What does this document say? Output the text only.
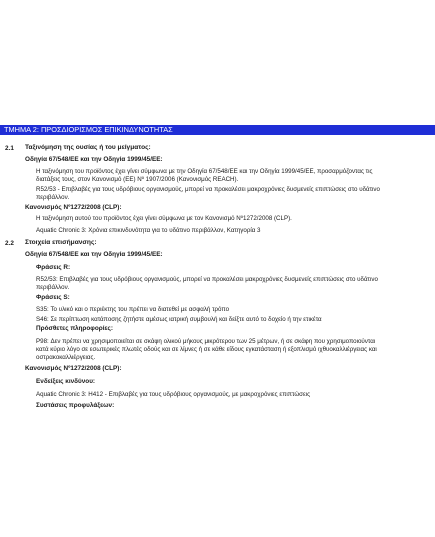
ΤΜΗΜΑ 2: ΠΡΟΣΔΙΟΡΙΣΜΟΣ ΕΠΙΚΙΝΔΥΝΟΤΗΤΑΣ
2.1 Ταξινόμηση της ουσίας ή του μείγματος:
Οδηγία 67/548/ΕΕ και την Οδηγία 1999/45/ΕΕ:
Η ταξινόμηση του προϊόντος έχει γίνει σύμφωνα με την Οδηγία 67/548/ΕΕ και την Οδηγία 1999/45/ΕΕ, προσαρμόζοντας τις
διατάξεις τους, στον Κανονισμό (ΕΕ) Nº 1907/2006 (Κανονισμός REACH).
R52/53 - Επιβλαβές για τους υδρόβιους οργανισμούς, μπορεί να προκαλέσει μακροχρόνιες δυσμενείς επιπτώσεις στο υδάτινο
περιβάλλον.
Κανονισμός Nº1272/2008 (CLP):
Η ταξινόμηση αυτού του προϊόντος έχει γίνει σύμφωνα με τον Κανονισμό Nº1272/2008 (CLP).
Aquatic Chronic 3: Χρόνια επικινδυνότητα για το υδάτινο περιβάλλον, Κατηγορία 3
2.2 Στοιχεία επισήμανσης:
Οδηγία 67/548/ΕΕ και την Οδηγία 1999/45/ΕΕ:
Φράσεις R:
R52/53: Επιβλαβές για τους υδρόβιους οργανισμούς, μπορεί να προκαλέσει μακροχρόνιες δυσμενείς επιπτώσεις στο υδάτινο
περιβάλλον.
Φράσεις S:
S35: Το υλικό και ο περιέκτης του πρέπει να διατεθεί με ασφαλή τρόπο
S46: Σε περίπτωση κατάποσης ζητήστε αμέσως ιατρική συμβουλή και δείξτε αυτό το δοχείο ή την ετικέτα
Πρόσθετες πληροφορίες:
P98: Δεν πρέπει να χρησιμοποιείται σε σκάφη ολικού μήκους μικρότερου των 25 μέτρων, ή σε σκάφη που χρησιμοποιούνται
κατά κύριο λόγο σε εσωτερικές πλωτές οδούς και σε λίμνες ή σε κάθε είδους εγκατάσταση ή εξοπλισμό ιχθυοκαλλιέργειας και
οστρακοκαλλιέργειας.
Κανονισμός Nº1272/2008 (CLP):
Ενδείξεις κινδύνου:
Aquatic Chronic 3: H412 - Επιβλαβές για τους υδρόβιους οργανισμούς, με μακροχρόνιες επιπτώσεις
Συστάσεις προφυλάξεων:
